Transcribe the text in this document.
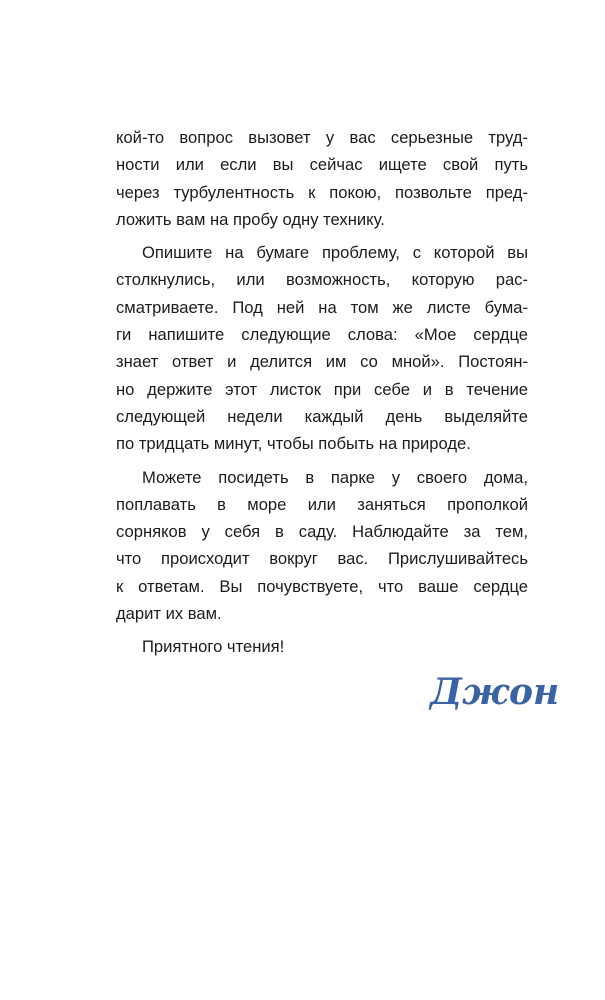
кой-то вопрос вызовет у вас серьезные труд-
ности или если вы сейчас ищете свой путь
через турбулентность к покою, позвольте пред-
ложить вам на пробу одну технику.
Опишите на бумаге проблему, с которой вы
столкнулись, или возможность, которую рас-
сматриваете. Под ней на том же листе бума-
ги напишите следующие слова: «Мое сердце
знает ответ и делится им со мной». Постоян-
но держите этот листок при себе и в течение
следующей недели каждый день выделяйте
по тридцать минут, чтобы побыть на природе.
Можете посидеть в парке у своего дома,
поплавать в море или заняться прополкой
сорняков у себя в саду. Наблюдайте за тем,
что происходит вокруг вас. Прислушивайтесь
к ответам. Вы почувствуете, что ваше сердце
дарит их вам.
Приятного чтения!
Джон
